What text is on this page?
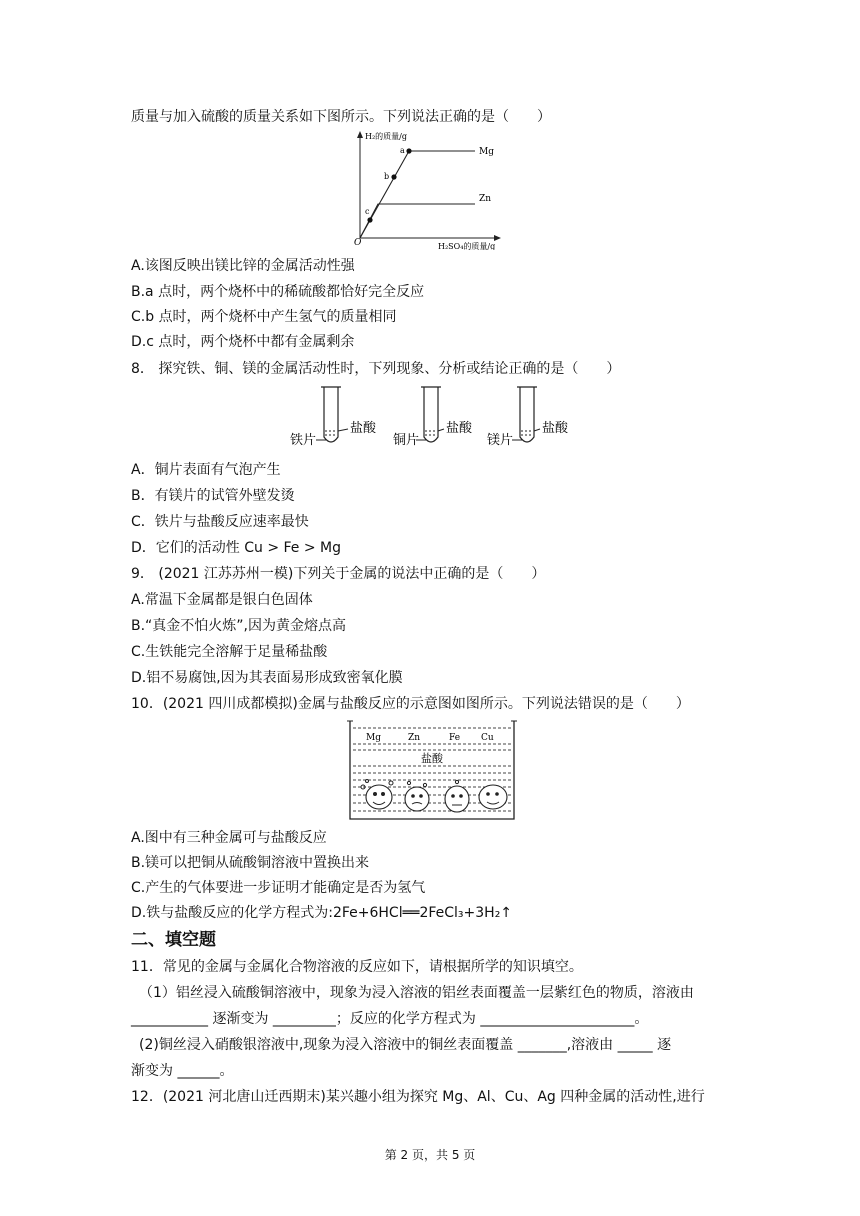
质量与加入硫酸的质量关系如下图所示。下列说法正确的是（　　）
H₂的质量/g
H₂SO₄的质量/g
O
a
b
c
Mg
Zn
A.该图反映出镁比锌的金属活动性强
B.a 点时，两个烧杯中的稀硫酸都恰好完全反应
C.b 点时，两个烧杯中产生氢气的质量相同
D.c 点时，两个烧杯中都有金属剩余
8． 探究铁、铜、镁的金属活动性时，下列现象、分析或结论正确的是（　　）
盐酸
铁片
盐酸
铜片
盐酸
镁片
A．铜片表面有气泡产生
B．有镁片的试管外壁发烫
C．铁片与盐酸反应速率最快
D．它们的活动性 Cu > Fe > Mg
9． (2021 江苏苏州一模)下列关于金属的说法中正确的是（　　）
A.常温下金属都是银白色固体
B.“真金不怕火炼”,因为黄金熔点高
C.生铁能完全溶解于足量稀盐酸
D.铝不易腐蚀,因为其表面易形成致密氧化膜
10．(2021 四川成都模拟)金属与盐酸反应的示意图如图所示。下列说法错误的是（　　）
Mg	Zn	Fe Cu
盐酸
A.图中有三种金属可与盐酸反应
B.镁可以把铜从硫酸铜溶液中置换出来
C.产生的气体要进一步证明才能确定是否为氢气
D.铁与盐酸反应的化学方程式为:2Fe+6HCl══2FeCl₃+3H₂↑
二、填空题
11．常见的金属与金属化合物溶液的反应如下，请根据所学的知识填空。
（1）铝丝浸入硫酸铜溶液中，现象为浸入溶液的铝丝表面覆盖一层紫红色的物质，溶液由
___________ 逐渐变为 _________；反应的化学方程式为 ______________________。
(2)铜丝浸入硝酸银溶液中,现象为浸入溶液中的铜丝表面覆盖 _______,溶液由 _____ 逐
渐变为 ______。
12．(2021 河北唐山迁西期末)某兴趣小组为探究 Mg、Al、Cu、Ag 四种金属的活动性,进行
第 2 页，共 5 页
